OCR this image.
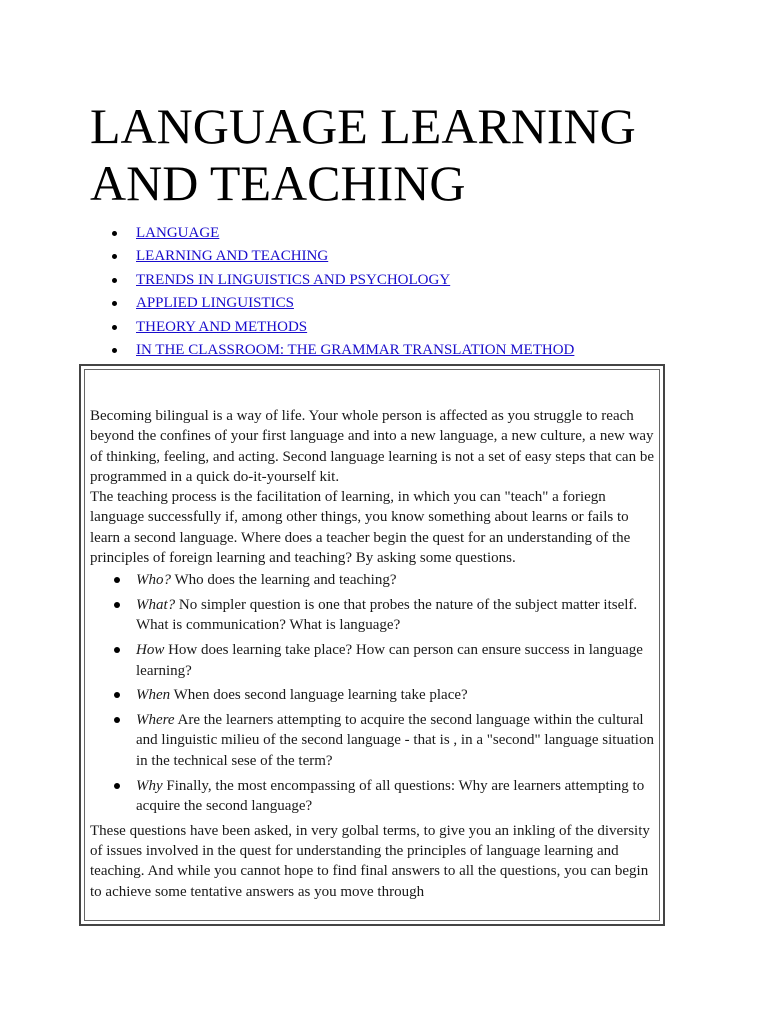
LANGUAGE LEARNING AND TEACHING
LANGUAGE
LEARNING AND TEACHING
TRENDS IN LINGUISTICS AND PSYCHOLOGY
APPLIED LINGUISTICS
THEORY AND METHODS
IN THE CLASSROOM: THE GRAMMAR TRANSLATION METHOD

Becoming bilingual is a way of life. Your whole person is affected as you struggle to reach beyond the confines of your first language and into a new language, a new culture, a new way of thinking, feeling, and acting. Second language learning is not a set of easy steps that can be programmed in a quick do-it-yourself kit.

The teaching process is the facilitation of learning, in which you can "teach" a foriegn language successfully if, among other things, you know something about learns or fails to learn a second language. Where does a teacher begin the quest for an understanding of the principles of foreign learning and teaching? By asking some questions.

Who? Who does the learning and teaching?
What? No simpler question is one that probes the nature of the subject matter itself. What is communication? What is language?
How How does learning take place? How can person can ensure success in language learning?
When When does second language learning take place?
Where Are the learners attempting to acquire the second language within the cultural and linguistic milieu of the second language - that is , in a "second" language situation in the technical sese of the term?
Why Finally, the most encompassing of all questions: Why are learners attempting to acquire the second language?

These questions have been asked, in very golbal terms, to give you an inkling of the diversity of issues involved in the quest for understanding the principles of language learning and teaching. And while you cannot hope to find final answers to all the questions, you can begin to achieve some tentative answers as you move through
